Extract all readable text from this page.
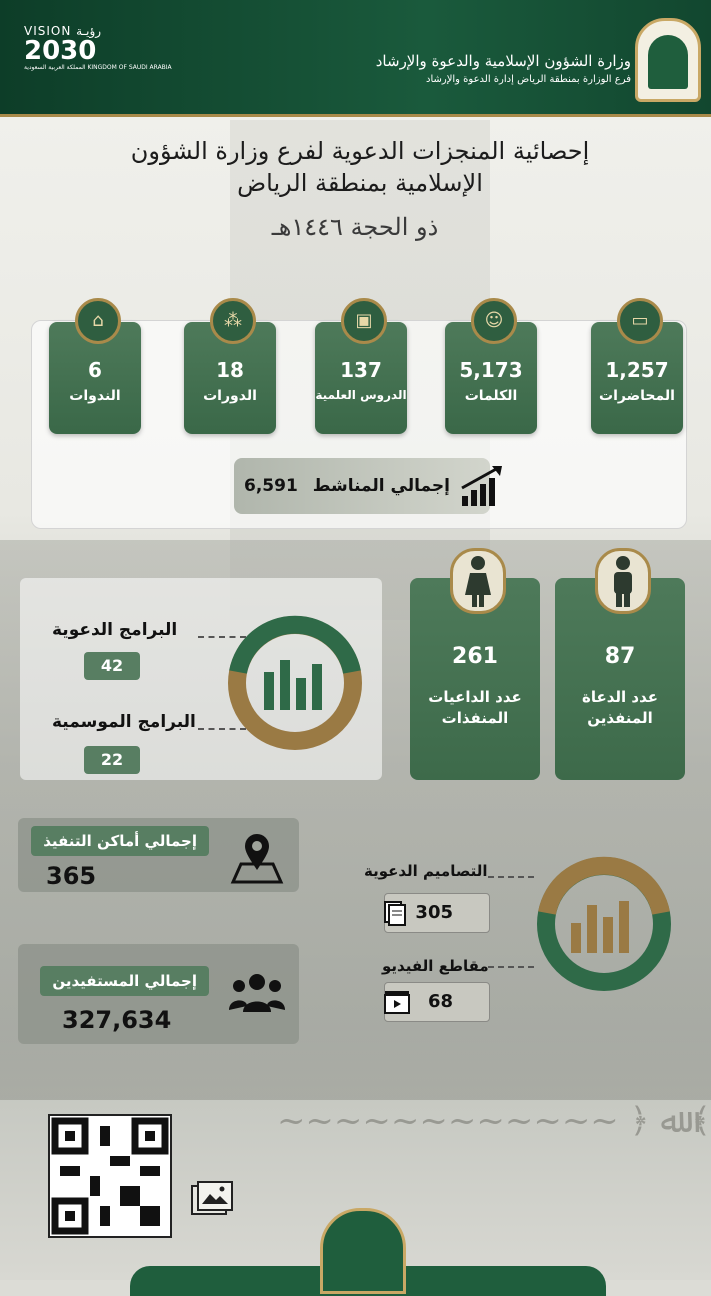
VISION رؤيـة
2030
المملكة العربية السعودية KINGDOM OF SAUDI ARABIA	وزارة الشؤون الإسلامية والدعوة والإرشاد
فرع الوزارة بمنطقة الرياض إدارة الدعوة والإرشاد
إحصائية المنجزات الدعوية لفرع وزارة الشؤون
الإسلامية بمنطقة الرياض
ذو الحجة ١٤٤٦هـ
▭
1,257
المحاضرات
☺
5,173
الكلمات
▣
137
الدروس العلمية
⁂
18
الدورات
⌂
6
الندوات
إجمالي المناشط
6,591
87
عدد الدعاة المنفذين
261
عدد الداعيات المنفذات
البرامج الدعوية
42
البرامج الموسمية
22
إجمالي أماكن التنفيذ
365
إجمالي المستفيدين
327,634
التصاميم الدعوية
305
مقاطع الفيديو
68
﴾ ﷲ ﴿ ~~~~~~~~~~~~
